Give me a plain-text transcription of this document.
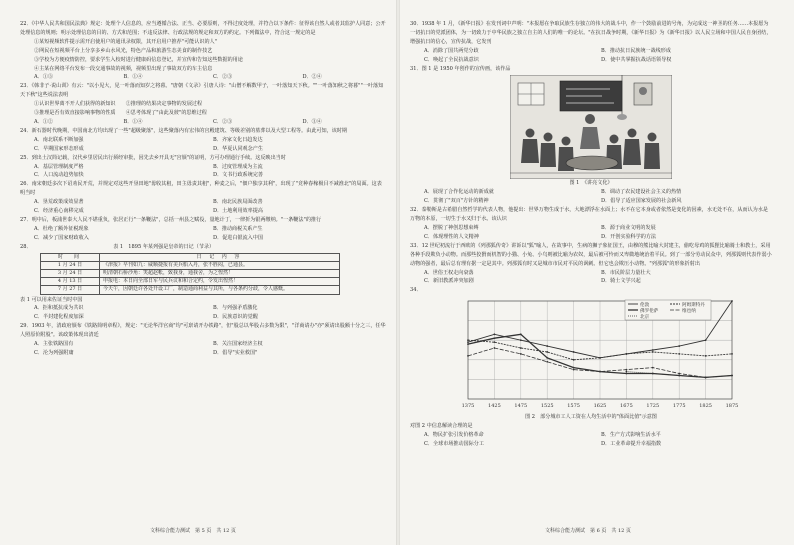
22．《中华人民共和国民法典》规定：处理个人信息的，应当遵循合法、正当、必要原则，不得过度处理，并符合以下条件：征得该自然人或者其监护人同意；公开处理信息的规则；明示处理信息的目的、方式和范围；不违反法律、行政法规的规定和双方的约定。下列做法中，符合这一规定的是
①某短视频软件提示需开启使用户的通讯录权限，其开启用户推荐"可能认识的人"
②网民在短视频平台上分享多乡山水风光，特色产品和旅游生态美食的制作技艺
③学校为方便疫情防控，要求学生入校时进行健康码信息登记，并宣传和告知这些数据的用途
④主某在网络平台发布一段交通事故的视频，视频里出现了事故双方的车主信息
A．①③	B．①④	C．②③	D．②④
23．《韩非子·说山训》有云："以小见大，见一叶落而知岁之将暮。"唐朝《文录》引唐人诗："山僧不解数甲子，一叶落知天下秋。""一叶落知秋之将暮""一叶落知天下秋"这些说法表明
①认识世界离不开人们获得的新知识　　②推理的结果决定事物的发展过程
③推理是否有效直接影响事物的性质　　④思考体现了"由此及彼"的思维过程
A．①②	B．①④	C．②③	D．③④
24．新石器时代晚期，中国南北方均出现了一些"超级聚落"，这些聚落内有宏伟的宫殿建筑、等级差别的墓葬以及大型工程等。由此可知，该时期
A．南北联系不断加强	B．齐家文化日趋发达
C．早期国家形态形成	D．华夏认同观念产生
25．到出土汉简记载，汉代乡里居民出行须经审批，因先去乡开具无"宫颁"的证明，方可办理通行手续。这反映出当时
A．基层管理制度严格	B．过度管理成为主流
C．人口流动趋势加快	D．文书行政系统完善
26．南宋朝廷多次下诏劝民开荒，并规定对这些开垦田地"毋收其租，田主毋责其租"，种麦之后，"佃户独享其利"，出现了"竞种春稼极目不减淮北"的局面。这表明当时
A．垦荒政策成效显著	B．南北民族局面改善
C．经济重心南移完成	D．土地利用效率提高
27．明中后，板浦世泰大人民不堪重负，张居正行"一条鞭法"，总括一州县之赋役，量地计丁，一律折为银两缴纳。"一条鞭法"的推行
A．杜绝了额外征税现象	B．推动商税关系产生
C．减少了国家财政收入	D．促进白银流入中国
28．	表 1　1895 年某列强是皇帝的日记（节录）
时　间	日 记 内 容
1 月 24 日	《津报》早刊如九：威顺捷报有美兵船入丹，张不胜闷，已通县。
3 月 24 日	明清朝石桥沙角：笑超赵帐，致我身，通我舍，为之惶然！
4 月 13 日	申报电：本日向全部日军与民兵议和和合定约，令发出惶然！
7 月 27 日	今天午，因朝廷许各处开设工厂，制造通商利益与其所，与各条约分歧，令人感慨。
表 1 可以用来佐证当时中国
A．拒和抵抗成为共识	B．与列强矛盾激化
C．半封建化程度加深	D．民族意识的觉醒
29．1903 年，清政府颁布《铁路简明章程》，规定："无论华洋官商"均"可禀请开办铁路"，但"股总以华股占多数为限"，"洋商请办"亦"须请出股额十分之三，任华人照原价附股"。该政策体现出清廷
A．主张铁路国有	B．关注国家经济主权
C．沦为列强附庸	D．倡导"实业救国"
30．1938 年 1 月，《新华日报》在发刊词中声明："本报愿在争取民族生存独立的伟大的战斗中，作一个鼓励前进的号角，为完成这一神圣的任务……本报愿为一切抗日的党派团体，为一切致力于中华民族之独立自主的人们的唯一的论坛。"在抗日战争时期，《新华日报》为《新华日报》以人民立场和中国人民自身团结，增强抗日的信心，宣传抗战，它发刊
A．消除了国共两党分歧	B．推动抗日民族统一战线形成
C．唤起了全民抗战意识	D．使中共掌握抗战话语领导权
31．图 1 是 1950 年创作的宣传画，该作品
图 1　《讲亮文化》
A．展现了合作化运动的新成就	B．调动了农民建设社会主义的热情
C．贯彻了"双百"方针的精神	D．倡导了适应国家发展的社会新风
32．泰勒斯是古希腊自然哲学的代表人物，他提出：世界万物生成于水，大地漂浮在水面上；水不在它本身或者依然是变化的因素，水无处不在，从而认为水是万物的本原，一切生于水又归于水。该认识
A．摆脱了神创思想束缚	B．源于商业文明的发展
C．体现理性的人文精神	D．开创实验科学的方法
33．12 世纪初流行于西欧的《列那狐传奇》讲诉以"狐"喻人，在故事中，生病的狮子象征国王，由穆的熊比喻大封建主，偷吃母鸡的狐狸比喻骑士和教士，采用各种手段欺负小动物。而那些狡猾而机智的小猫、小兔、小鸟则被比喻为农奴，最后被可怜而又卑微地统治着平民。到了一部分劳动民众中，列那狐则代表作弱小动物的强者，最后总有理有据一定是其中。列那狐有时又是城市市民对平民的讽刺。但它也会欺压小动物。"列那狐"的形象折射出
A．世俗王权走向衰落	B．市民阶层力量壮大
C．新旧教派冲突加剧	D．骑士文学兴起
34．
1375	1425	1475	1525	1575	1625	1675	1725	1775	1825	1875
伦敦	阿姆斯特丹
佛罗伦萨	维也纳
北京
图 2　部分城市工人工资在人均生活中的"体面比值"示意图
对图 2 中信息解读合理的是
A．物民扩张引发价格革命	B．生产方式影响生活水平
C．全球市场推动国际分工	D．工业革命提升幸福指数
文科综合能力测试　第 5 页　共 12 页	文科综合能力测试　第 6 页　共 12 页
